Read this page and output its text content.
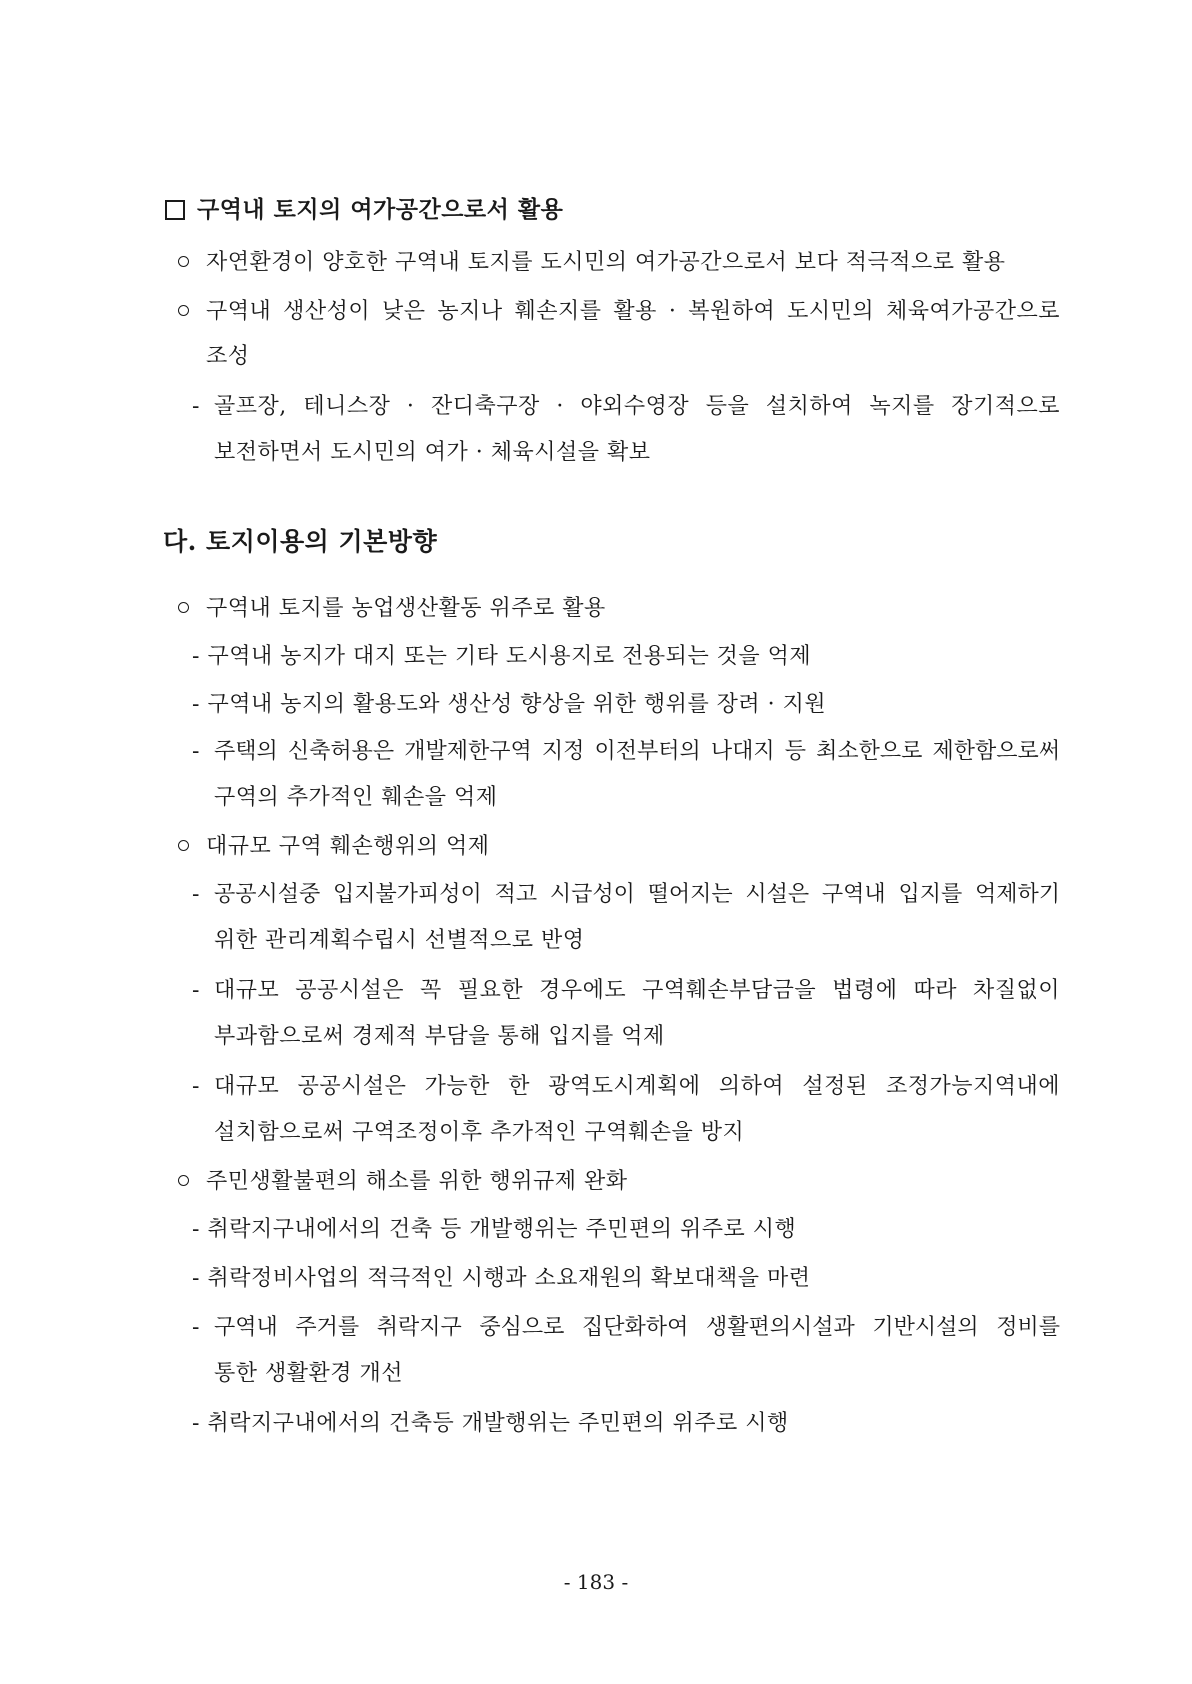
구역내 토지의 여가공간으로서 활용
자연환경이 양호한 구역내 토지를 도시민의 여가공간으로서 보다 적극적으로 활용
구역내 생산성이 낮은 농지나 훼손지를 활용 · 복원하여 도시민의 체육여가공간으로
조성
- 골프장, 테니스장 · 잔디축구장 · 야외수영장 등을 설치하여 녹지를 장기적으로
보전하면서 도시민의 여가 · 체육시설을 확보
다. 토지이용의 기본방향
구역내 토지를 농업생산활동 위주로 활용
- 구역내 농지가 대지 또는 기타 도시용지로 전용되는 것을 억제
- 구역내 농지의 활용도와 생산성 향상을 위한 행위를 장려 · 지원
- 주택의 신축허용은 개발제한구역 지정 이전부터의 나대지 등 최소한으로 제한함으로써
구역의 추가적인 훼손을 억제
대규모 구역 훼손행위의 억제
- 공공시설중 입지불가피성이 적고 시급성이 떨어지는 시설은 구역내 입지를 억제하기
위한 관리계획수립시 선별적으로 반영
- 대규모 공공시설은 꼭 필요한 경우에도 구역훼손부담금을 법령에 따라 차질없이
부과함으로써 경제적 부담을 통해 입지를 억제
- 대규모 공공시설은 가능한 한 광역도시계획에 의하여 설정된 조정가능지역내에
설치함으로써 구역조정이후 추가적인 구역훼손을 방지
주민생활불편의 해소를 위한 행위규제 완화
- 취락지구내에서의 건축 등 개발행위는 주민편의 위주로 시행
- 취락정비사업의 적극적인 시행과 소요재원의 확보대책을 마련
- 구역내 주거를 취락지구 중심으로 집단화하여 생활편의시설과 기반시설의 정비를
통한 생활환경 개선
- 취락지구내에서의 건축등 개발행위는 주민편의 위주로 시행
- 183 -
